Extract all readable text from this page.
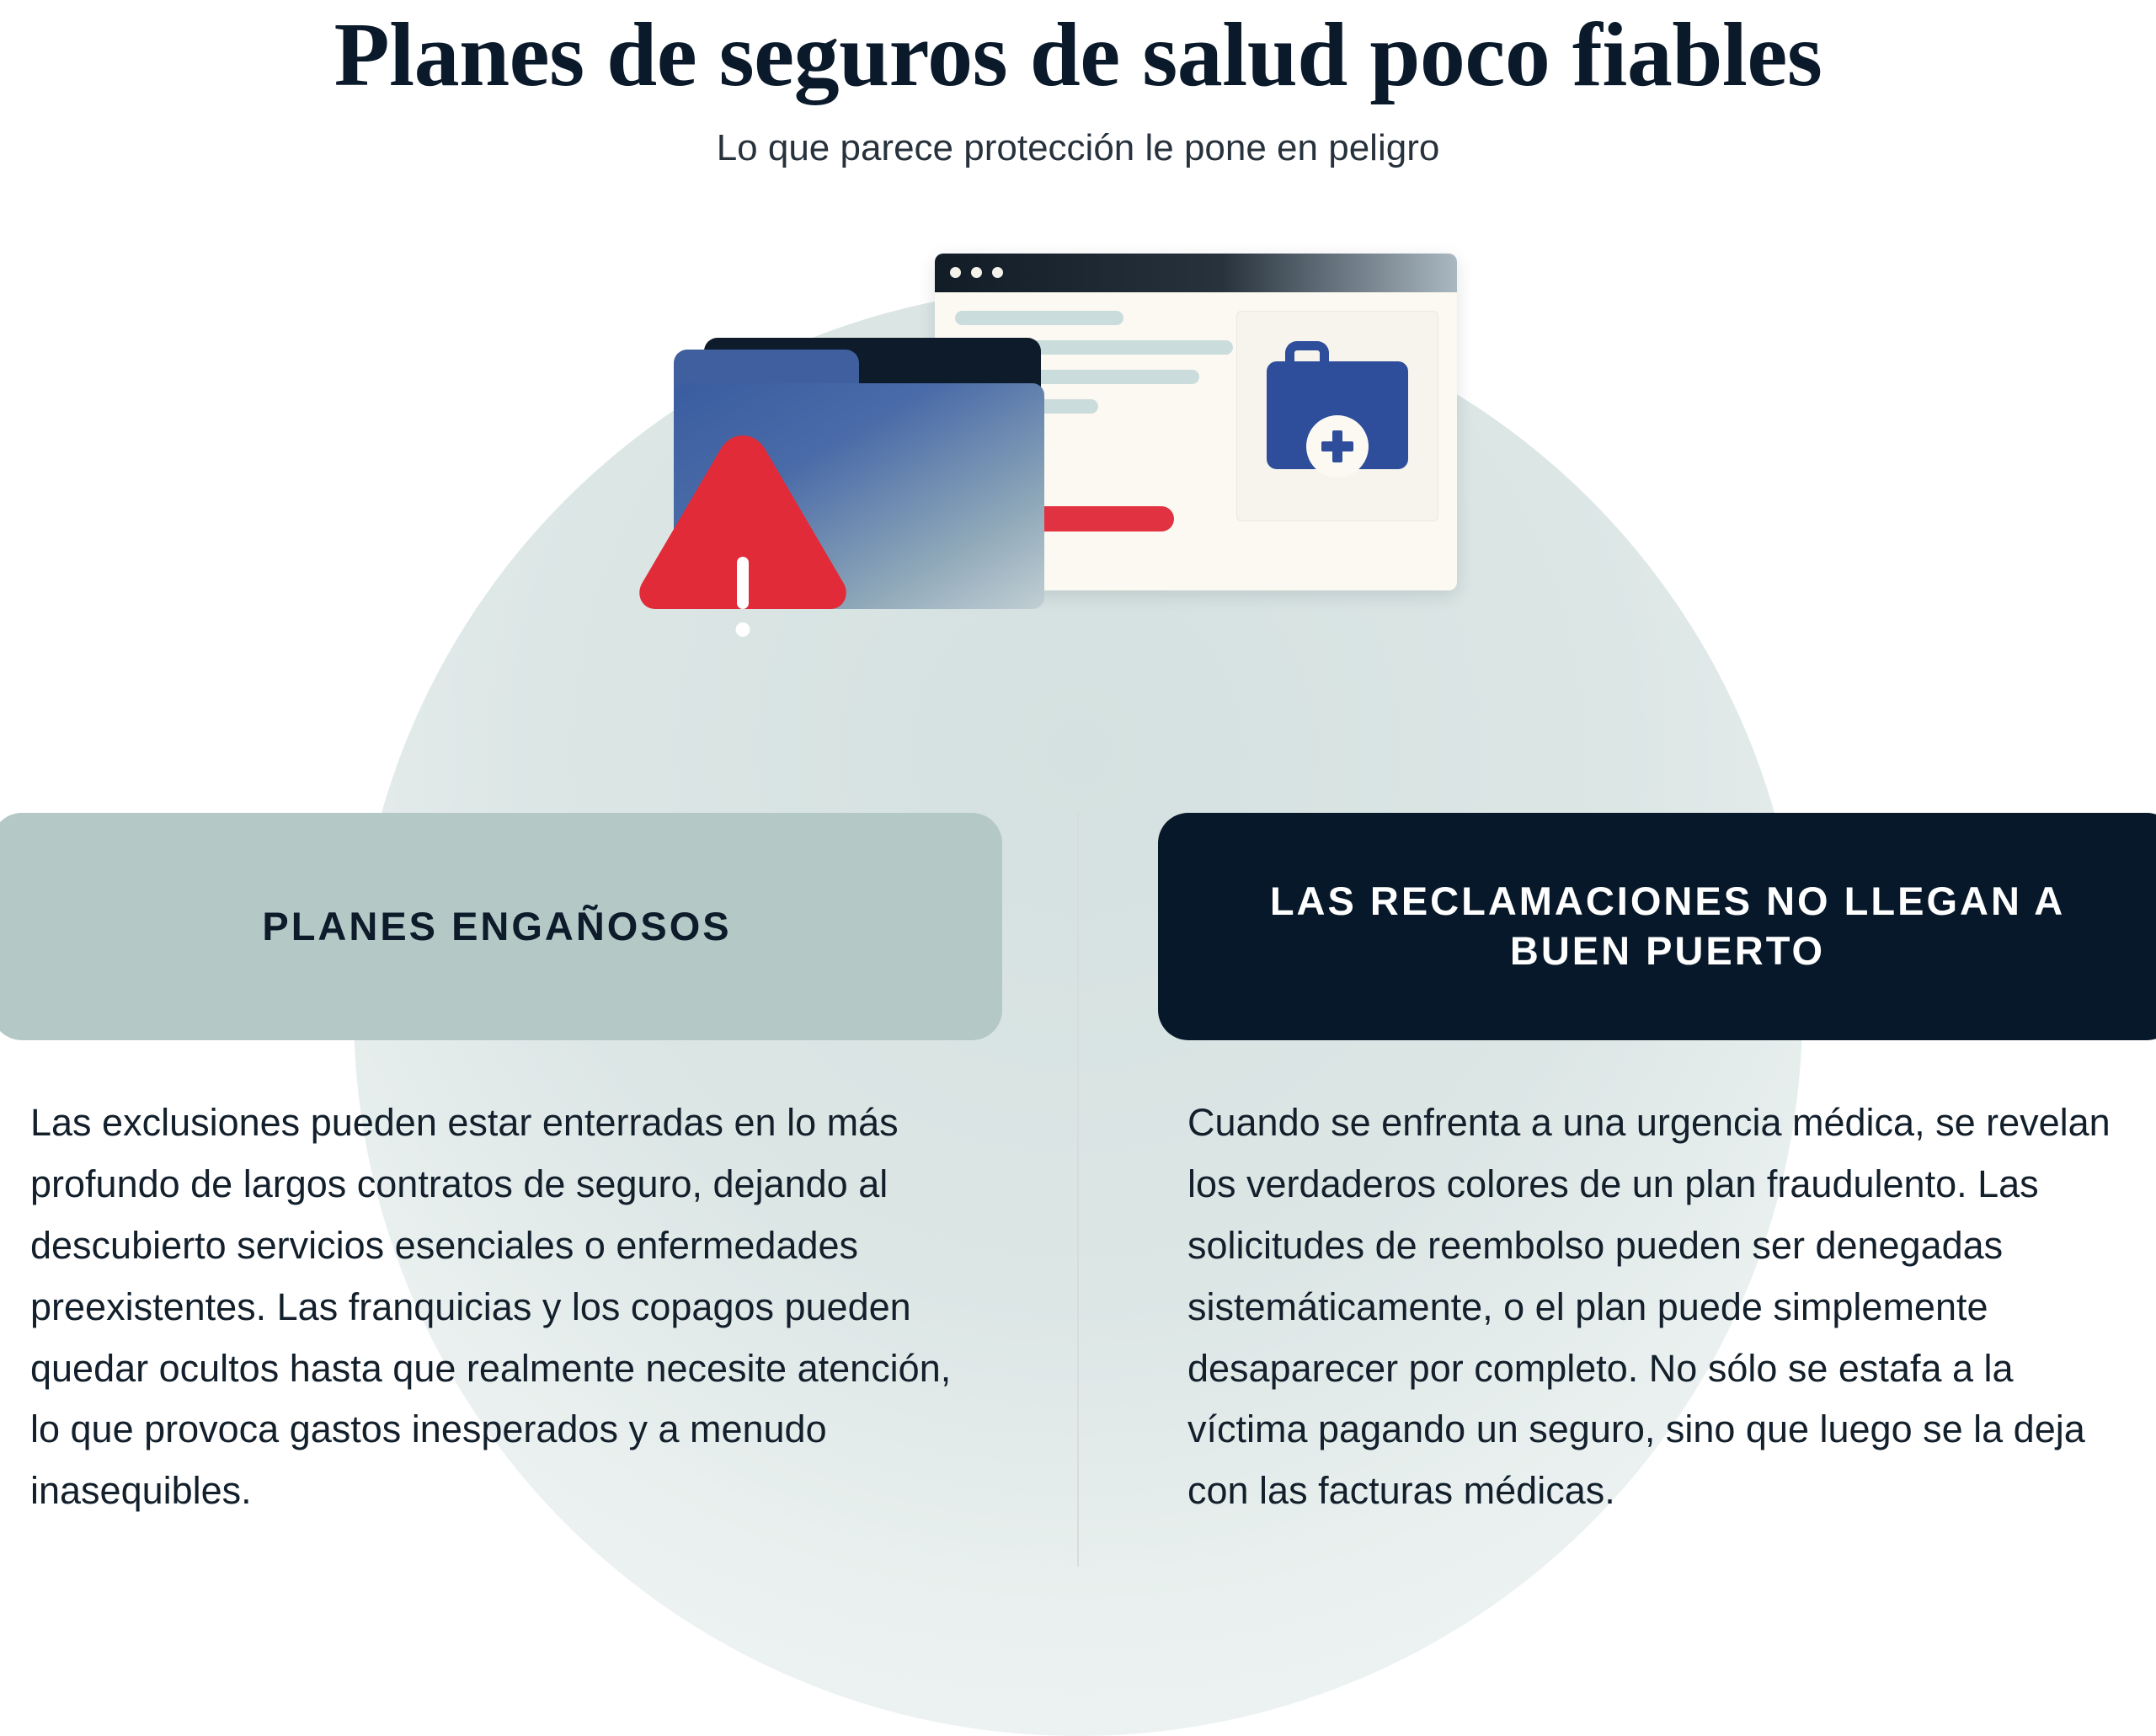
Planes de seguros de salud poco fiables

Lo que parece protección le pone en peligro

PLANES ENGAÑOSOS

Las exclusiones pueden estar enterradas en lo más profundo de largos contratos de seguro, dejando al descubierto servicios esenciales o enfermedades preexistentes. Las franquicias y los copagos pueden quedar ocultos hasta que realmente necesite atención, lo que provoca gastos inesperados y a menudo inasequibles.

LAS RECLAMACIONES NO LLEGAN A BUEN PUERTO

Cuando se enfrenta a una urgencia médica, se revelan los verdaderos colores de un plan fraudulento. Las solicitudes de reembolso pueden ser denegadas sistemáticamente, o el plan puede simplemente desaparecer por completo. No sólo se estafa a la víctima pagando un seguro, sino que luego se la deja con las facturas médicas.
